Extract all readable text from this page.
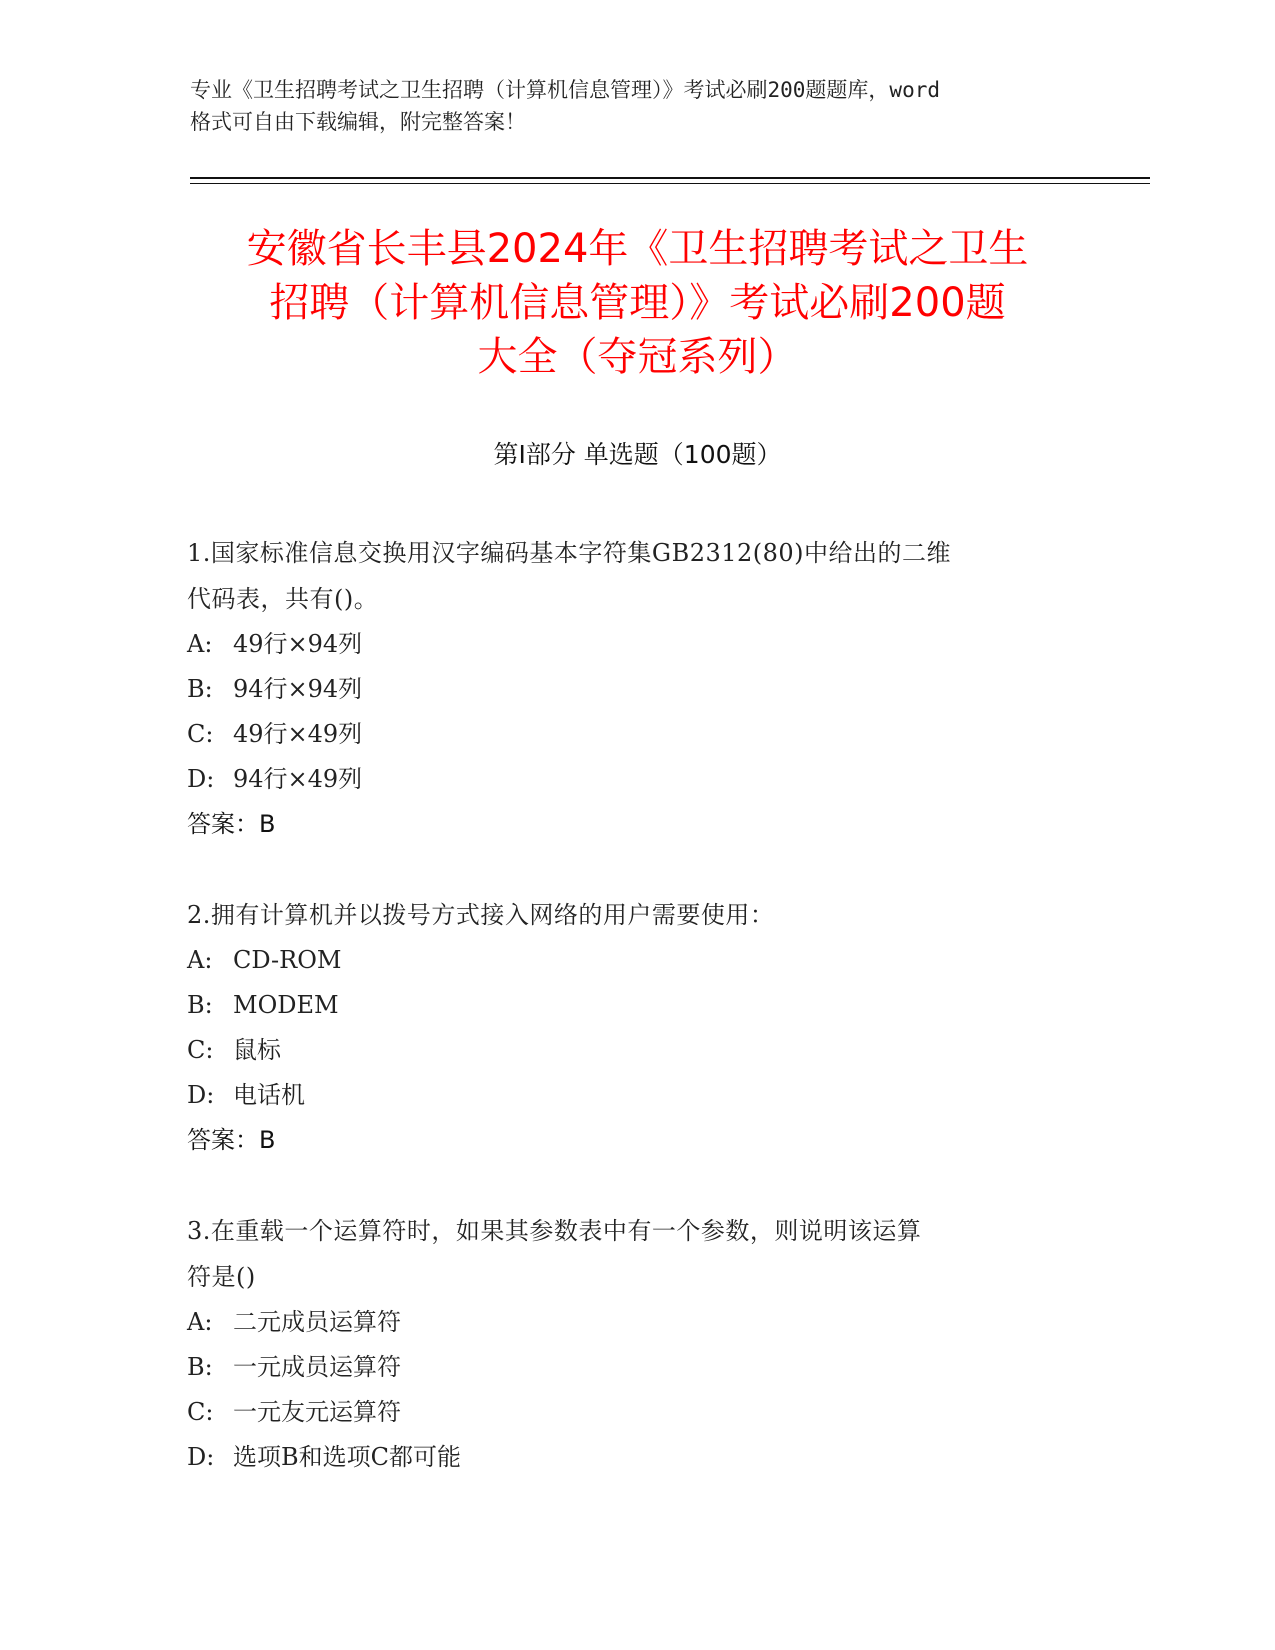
专业《卫生招聘考试之卫生招聘（计算机信息管理）》考试必刷200题题库，word
格式可自由下载编辑，附完整答案！
安徽省长丰县2024年《卫生招聘考试之卫生
招聘（计算机信息管理）》考试必刷200题
大全（夺冠系列）
第Ⅰ部分 单选题（100题）

1.国家标准信息交换用汉字编码基本字符集GB2312(80)中给出的二维

代码表，共有()。

A: 49行×94列

B: 94行×94列

C: 49行×49列

D: 94行×49列

答案：B

2.拥有计算机并以拨号方式接入网络的用户需要使用：

A: CD-ROM

B: MODEM

C: 鼠标

D: 电话机

答案：B

3.在重载一个运算符时，如果其参数表中有一个参数，则说明该运算

符是()

A: 二元成员运算符

B: 一元成员运算符

C: 一元友元运算符

D: 选项B和选项C都可能
